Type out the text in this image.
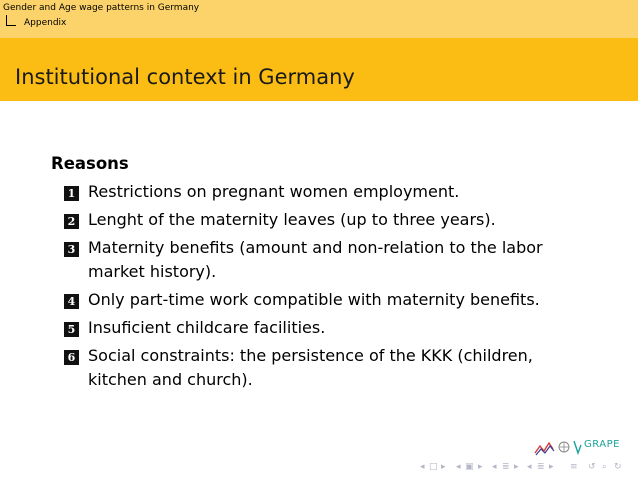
Gender and Age wage patterns in Germany
Appendix
Institutional context in Germany
Reasons
1 Restrictions on pregnant women employment.
2 Lenght of the maternity leaves (up to three years).
3 Maternity benefits (amount and non-relation to the labor market history).
4 Only part-time work compatible with maternity benefits.
5 Insuficient childcare facilities.
6 Social constraints: the persistence of the KKK (children, kitchen and church).
GRAPE
◂ □ ▸ ◂ ▣ ▸ ◂ ≣ ▸ ◂ ≣ ▸ ≡ ↺ ⌕ ↻
